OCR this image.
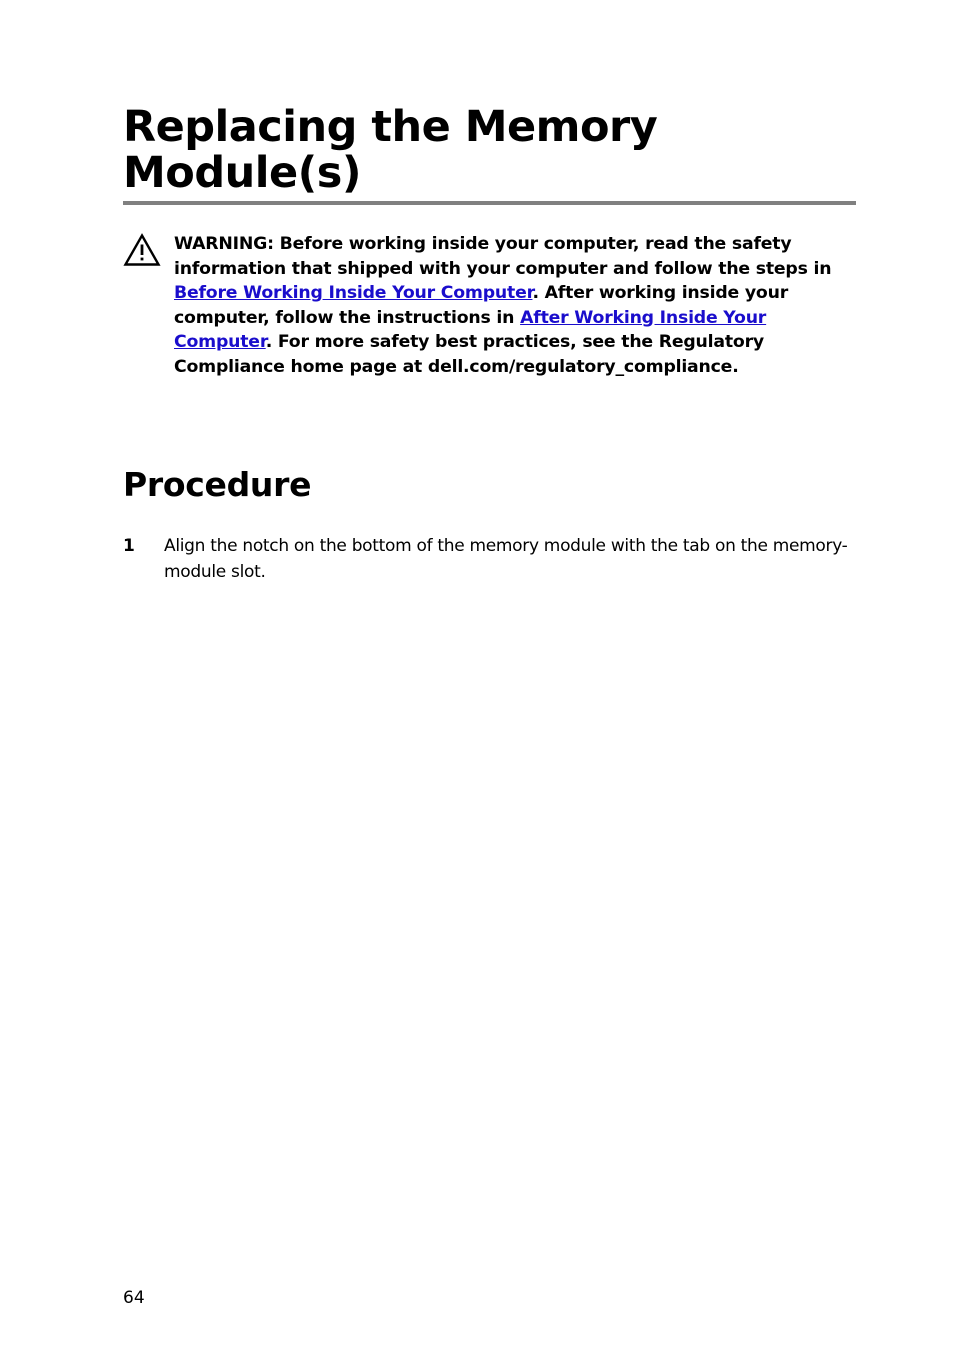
Replacing the Memory Module(s)

WARNING: Before working inside your computer, read the safety information that shipped with your computer and follow the steps in Before Working Inside Your Computer. After working inside your computer, follow the instructions in After Working Inside Your Computer. For more safety best practices, see the Regulatory Compliance home page at dell.com/regulatory_compliance.

Procedure
1 Align the notch on the bottom of the memory module with the tab on the memory-module slot.

64
